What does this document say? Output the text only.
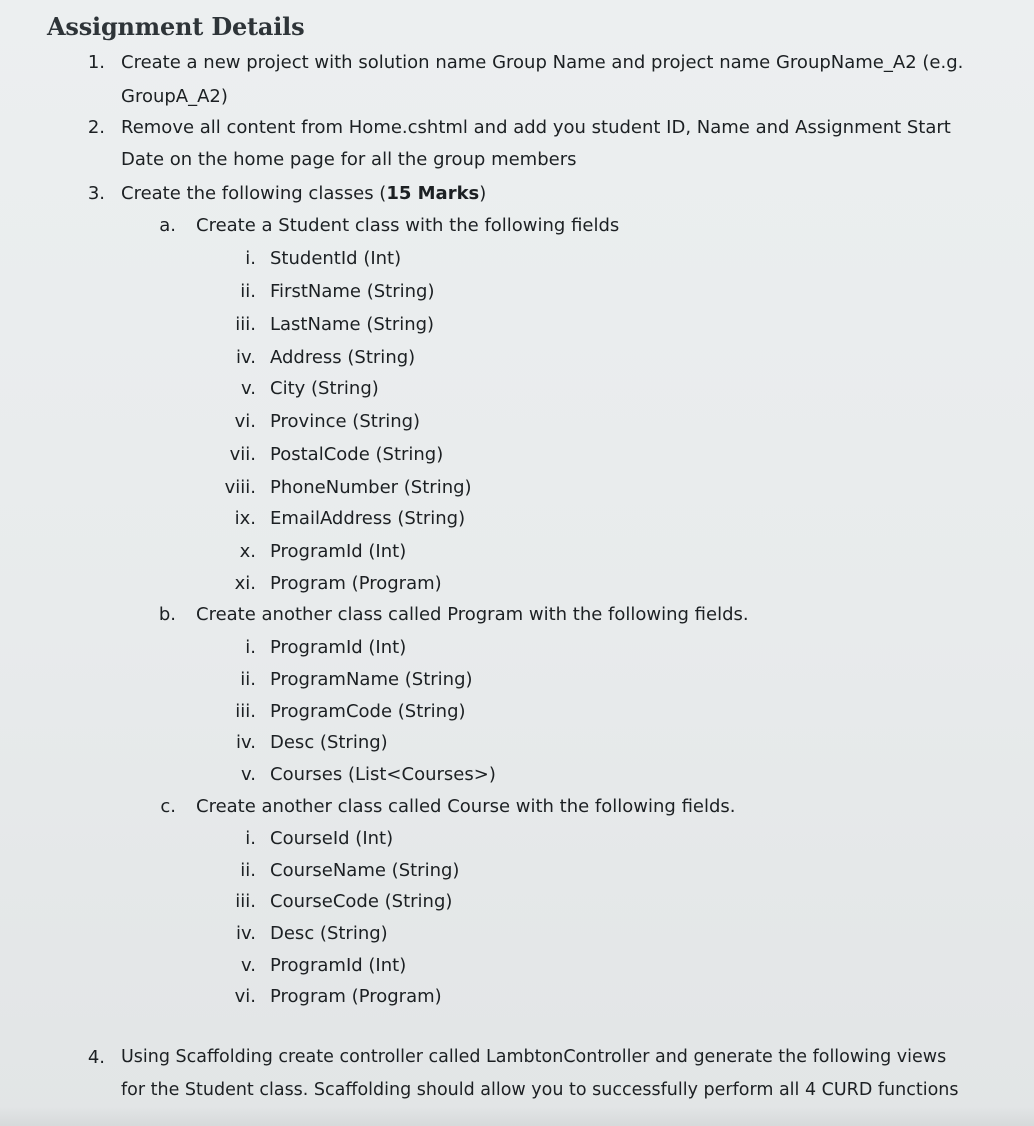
Assignment Details
1. Create a new project with solution name Group Name and project name GroupName_A2 (e.g.
GroupA_A2)
2. Remove all content from Home.cshtml and add you student ID, Name and Assignment Start
Date on the home page for all the group members
3. Create the following classes (15 Marks)
a. Create a Student class with the following fields
i. StudentId (Int)
ii. FirstName (String)
iii. LastName (String)
iv. Address (String)
v. City (String)
vi. Province (String)
vii. PostalCode (String)
viii. PhoneNumber (String)
ix. EmailAddress (String)
x. ProgramId (Int)
xi. Program (Program)
b. Create another class called Program with the following fields.
i. ProgramId (Int)
ii. ProgramName (String)
iii. ProgramCode (String)
iv. Desc (String)
v. Courses (List<Courses>)
c. Create another class called Course with the following fields.
i. CourseId (Int)
ii. CourseName (String)
iii. CourseCode (String)
iv. Desc (String)
v. ProgramId (Int)
vi. Program (Program)
4. Using Scaffolding create controller called LambtonController and generate the following views
for the Student class. Scaffolding should allow you to successfully perform all 4 CURD functions
